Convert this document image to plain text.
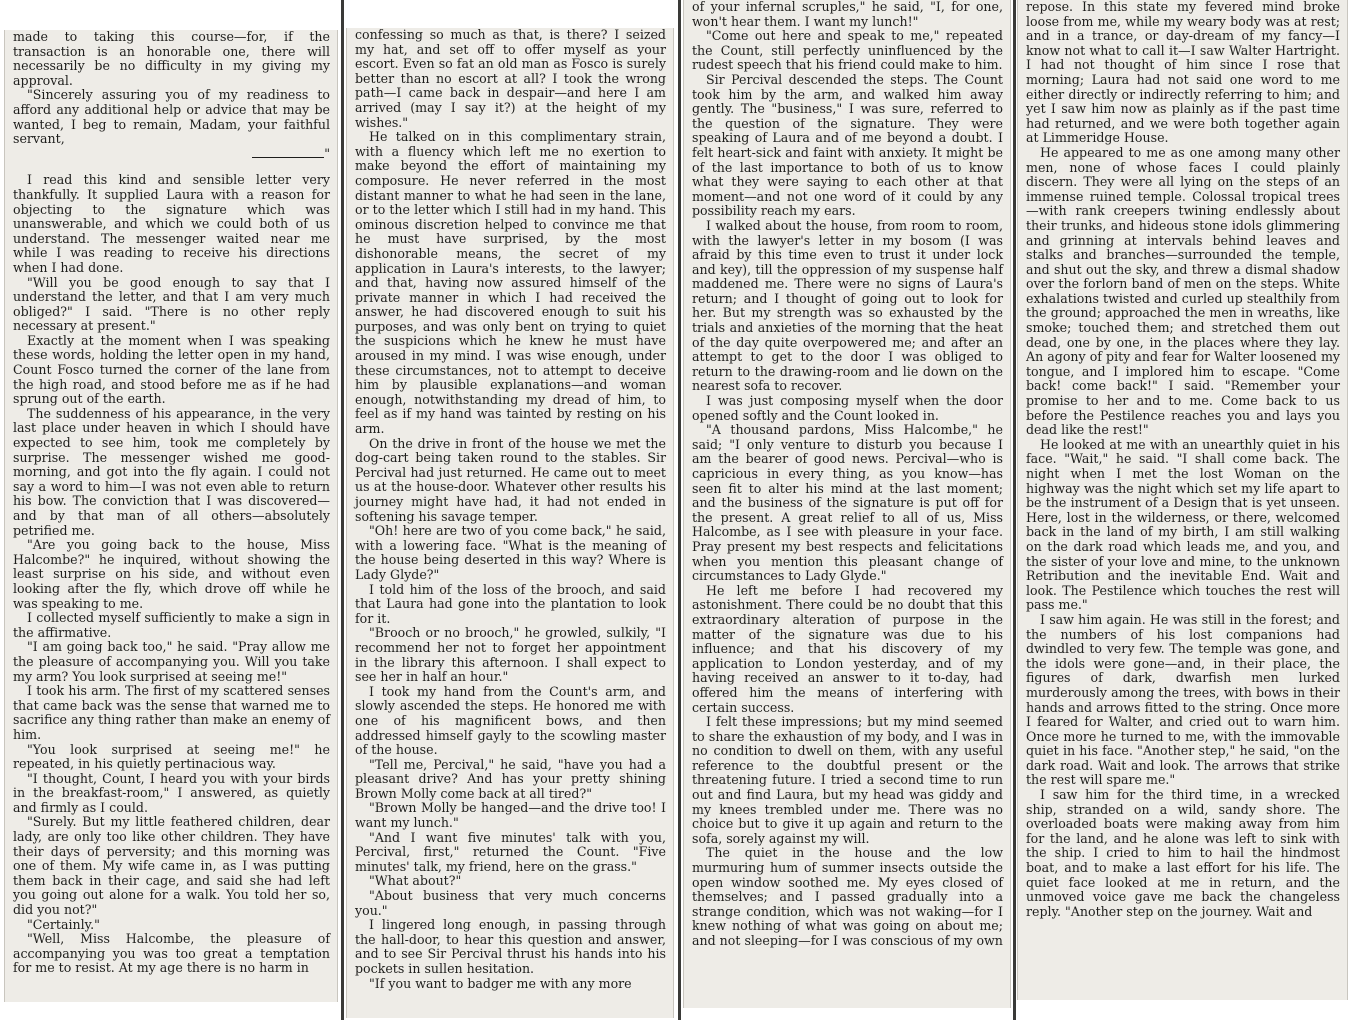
made to taking this course—for, if the transaction is an honorable one, there will necessarily be no difficulty in my giving my approval.

"Sincerely assuring you of my readiness to afford any additional help or advice that may be wanted, I beg to remain, Madam, your faithful servant,

"

I read this kind and sensible letter very thankfully. It supplied Laura with a reason for objecting to the signature which was unanswerable, and which we could both of us understand. The messenger waited near me while I was reading to receive his directions when I had done.

"Will you be good enough to say that I understand the letter, and that I am very much obliged?" I said. "There is no other reply necessary at present."

Exactly at the moment when I was speaking these words, holding the letter open in my hand, Count Fosco turned the corner of the lane from the high road, and stood before me as if he had sprung out of the earth.

The suddenness of his appearance, in the very last place under heaven in which I should have expected to see him, took me completely by surprise. The messenger wished me good-morning, and got into the fly again. I could not say a word to him—I was not even able to return his bow. The conviction that I was discovered—and by that man of all others—absolutely petrified me.

"Are you going back to the house, Miss Halcombe?" he inquired, without showing the least surprise on his side, and without even looking after the fly, which drove off while he was speaking to me.

I collected myself sufficiently to make a sign in the affirmative.

"I am going back too," he said. "Pray allow me the pleasure of accompanying you. Will you take my arm? You look surprised at seeing me!"

I took his arm. The first of my scattered senses that came back was the sense that warned me to sacrifice any thing rather than make an enemy of him.

"You look surprised at seeing me!" he repeated, in his quietly pertinacious way.

"I thought, Count, I heard you with your birds in the breakfast-room," I answered, as quietly and firmly as I could.

"Surely. But my little feathered children, dear lady, are only too like other children. They have their days of perversity; and this morning was one of them. My wife came in, as I was putting them back in their cage, and said she had left you going out alone for a walk. You told her so, did you not?"

"Certainly."

"Well, Miss Halcombe, the pleasure of accompanying you was too great a temptation for me to resist. At my age there is no harm in

confessing so much as that, is there? I seized my hat, and set off to offer myself as your escort. Even so fat an old man as Fosco is surely better than no escort at all? I took the wrong path—I came back in despair—and here I am arrived (may I say it?) at the height of my wishes."

He talked on in this complimentary strain, with a fluency which left me no exertion to make beyond the effort of maintaining my composure. He never referred in the most distant manner to what he had seen in the lane, or to the letter which I still had in my hand. This ominous discretion helped to convince me that he must have surprised, by the most dishonorable means, the secret of my application in Laura's interests, to the lawyer; and that, having now assured himself of the private manner in which I had received the answer, he had discovered enough to suit his purposes, and was only bent on trying to quiet the suspicions which he knew he must have aroused in my mind. I was wise enough, under these circumstances, not to attempt to deceive him by plausible explanations—and woman enough, notwithstanding my dread of him, to feel as if my hand was tainted by resting on his arm.

On the drive in front of the house we met the dog-cart being taken round to the stables. Sir Percival had just returned. He came out to meet us at the house-door. Whatever other results his journey might have had, it had not ended in softening his savage temper.

"Oh! here are two of you come back," he said, with a lowering face. "What is the meaning of the house being deserted in this way? Where is Lady Glyde?"

I told him of the loss of the brooch, and said that Laura had gone into the plantation to look for it.

"Brooch or no brooch," he growled, sulkily, "I recommend her not to forget her appointment in the library this afternoon. I shall expect to see her in half an hour."

I took my hand from the Count's arm, and slowly ascended the steps. He honored me with one of his magnificent bows, and then addressed himself gayly to the scowling master of the house.

"Tell me, Percival," he said, "have you had a pleasant drive? And has your pretty shining Brown Molly come back at all tired?"

"Brown Molly be hanged—and the drive too! I want my lunch."

"And I want five minutes' talk with you, Percival, first," returned the Count. "Five minutes' talk, my friend, here on the grass."

"What about?"

"About business that very much concerns you."

I lingered long enough, in passing through the hall-door, to hear this question and answer, and to see Sir Percival thrust his hands into his pockets in sullen hesitation.

"If you want to badger me with any more

of your infernal scruples," he said, "I, for one, won't hear them. I want my lunch!"

"Come out here and speak to me," repeated the Count, still perfectly uninfluenced by the rudest speech that his friend could make to him.

Sir Percival descended the steps. The Count took him by the arm, and walked him away gently. The "business," I was sure, referred to the question of the signature. They were speaking of Laura and of me beyond a doubt. I felt heart-sick and faint with anxiety. It might be of the last importance to both of us to know what they were saying to each other at that moment—and not one word of it could by any possibility reach my ears.

I walked about the house, from room to room, with the lawyer's letter in my bosom (I was afraid by this time even to trust it under lock and key), till the oppression of my suspense half maddened me. There were no signs of Laura's return; and I thought of going out to look for her. But my strength was so exhausted by the trials and anxieties of the morning that the heat of the day quite overpowered me; and after an attempt to get to the door I was obliged to return to the drawing-room and lie down on the nearest sofa to recover.

I was just composing myself when the door opened softly and the Count looked in.

"A thousand pardons, Miss Halcombe," he said; "I only venture to disturb you because I am the bearer of good news. Percival—who is capricious in every thing, as you know—has seen fit to alter his mind at the last moment; and the business of the signature is put off for the present. A great relief to all of us, Miss Halcombe, as I see with pleasure in your face. Pray present my best respects and felicitations when you mention this pleasant change of circumstances to Lady Glyde."

He left me before I had recovered my astonishment. There could be no doubt that this extraordinary alteration of purpose in the matter of the signature was due to his influence; and that his discovery of my application to London yesterday, and of my having received an answer to it to-day, had offered him the means of interfering with certain success.

I felt these impressions; but my mind seemed to share the exhaustion of my body, and I was in no condition to dwell on them, with any useful reference to the doubtful present or the threatening future. I tried a second time to run out and find Laura, but my head was giddy and my knees trembled under me. There was no choice but to give it up again and return to the sofa, sorely against my will.

The quiet in the house and the low murmuring hum of summer insects outside the open window soothed me. My eyes closed of themselves; and I passed gradually into a strange condition, which was not waking—for I knew nothing of what was going on about me; and not sleeping—for I was conscious of my own

repose. In this state my fevered mind broke loose from me, while my weary body was at rest; and in a trance, or day-dream of my fancy—I know not what to call it—I saw Walter Hartright. I had not thought of him since I rose that morning; Laura had not said one word to me either directly or indirectly referring to him; and yet I saw him now as plainly as if the past time had returned, and we were both together again at Limmeridge House.

He appeared to me as one among many other men, none of whose faces I could plainly discern. They were all lying on the steps of an immense ruined temple. Colossal tropical trees—with rank creepers twining endlessly about their trunks, and hideous stone idols glimmering and grinning at intervals behind leaves and stalks and branches—surrounded the temple, and shut out the sky, and threw a dismal shadow over the forlorn band of men on the steps. White exhalations twisted and curled up stealthily from the ground; approached the men in wreaths, like smoke; touched them; and stretched them out dead, one by one, in the places where they lay. An agony of pity and fear for Walter loosened my tongue, and I implored him to escape. "Come back! come back!" I said. "Remember your promise to her and to me. Come back to us before the Pestilence reaches you and lays you dead like the rest!"

He looked at me with an unearthly quiet in his face. "Wait," he said. "I shall come back. The night when I met the lost Woman on the highway was the night which set my life apart to be the instrument of a Design that is yet unseen. Here, lost in the wilderness, or there, welcomed back in the land of my birth, I am still walking on the dark road which leads me, and you, and the sister of your love and mine, to the unknown Retribution and the inevitable End. Wait and look. The Pestilence which touches the rest will pass me."

I saw him again. He was still in the forest; and the numbers of his lost companions had dwindled to very few. The temple was gone, and the idols were gone—and, in their place, the figures of dark, dwarfish men lurked murderously among the trees, with bows in their hands and arrows fitted to the string. Once more I feared for Walter, and cried out to warn him. Once more he turned to me, with the immovable quiet in his face. "Another step," he said, "on the dark road. Wait and look. The arrows that strike the rest will spare me."

I saw him for the third time, in a wrecked ship, stranded on a wild, sandy shore. The overloaded boats were making away from him for the land, and he alone was left to sink with the ship. I cried to him to hail the hindmost boat, and to make a last effort for his life. The quiet face looked at me in return, and the unmoved voice gave me back the changeless reply. "Another step on the journey. Wait and
